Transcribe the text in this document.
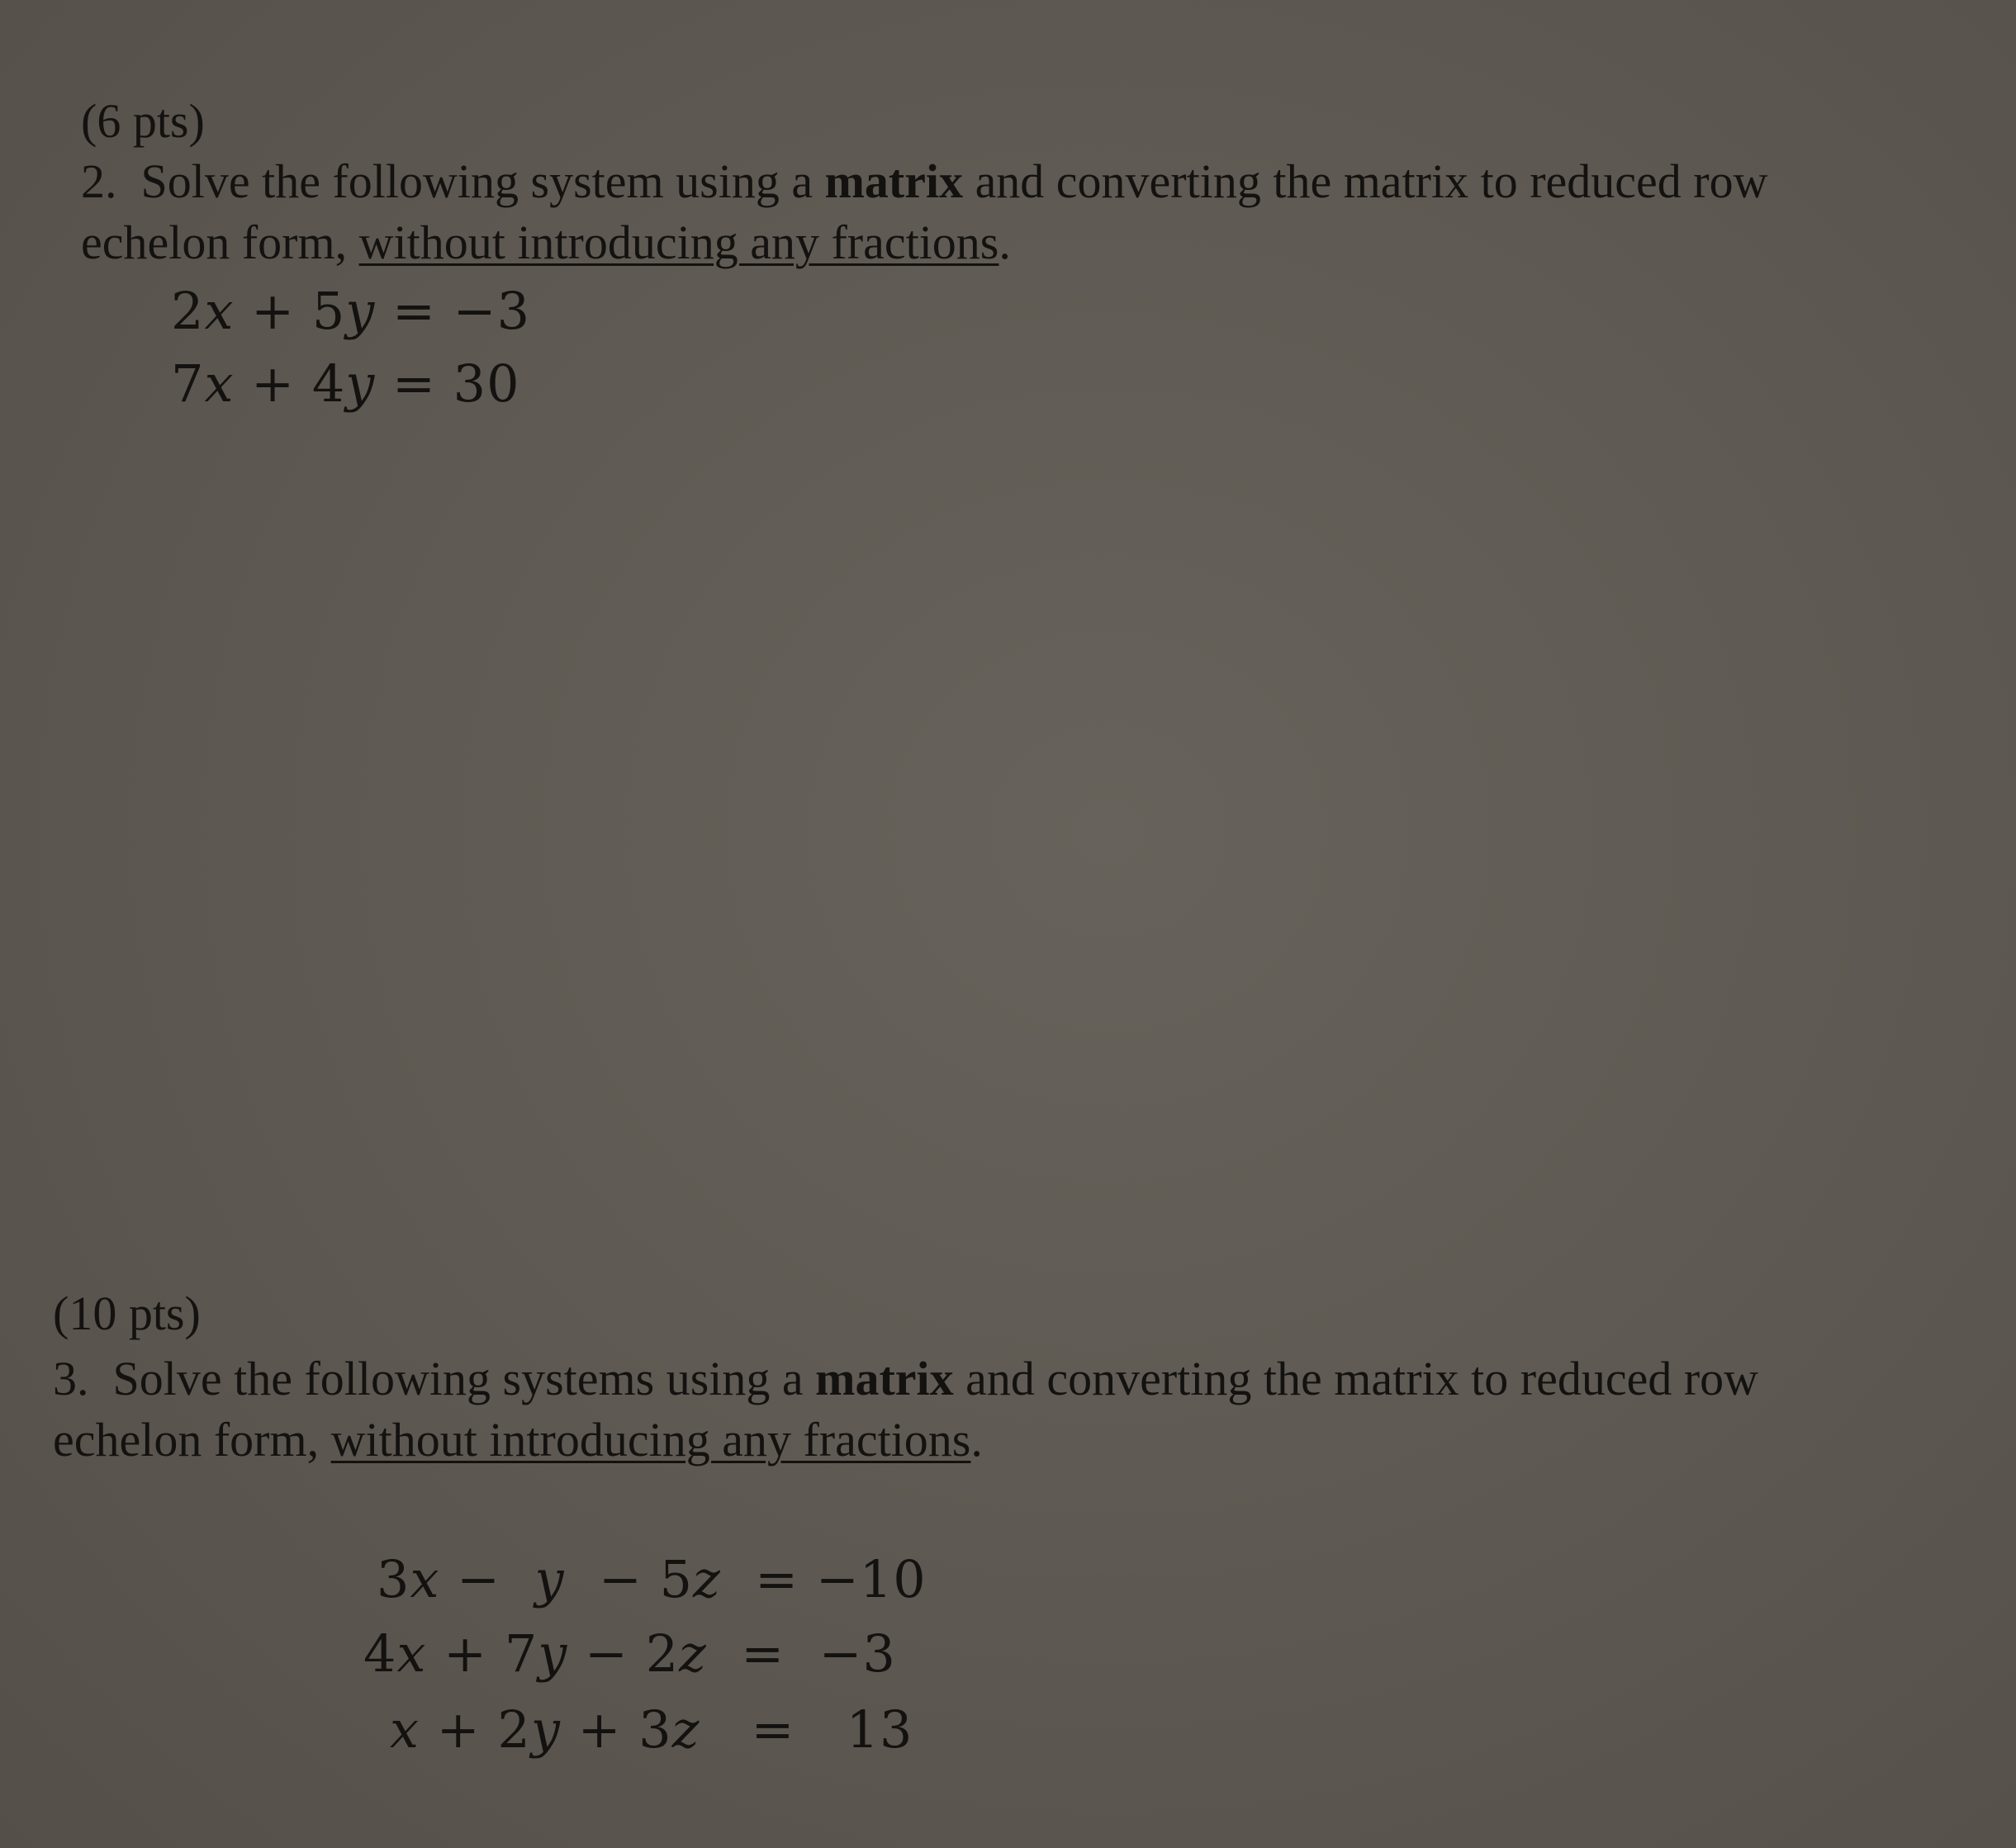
(6 pts)
2. Solve the following system using a matrix and converting the matrix to reduced row
echelon form, without introducing any fractions.
2x + 5y = −3
7x + 4y = 30
(10 pts)
3. Solve the following systems using a matrix and converting the matrix to reduced row
echelon form, without introducing any fractions.
3x − y − 5z  = −10
4x + 7y − 2z  =  −3
x + 2y + 3z   =   13
